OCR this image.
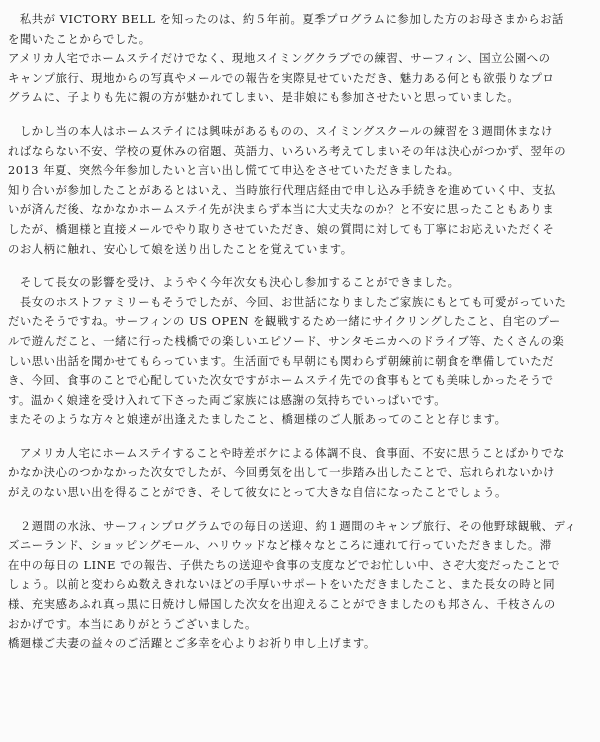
　私共が VICTORY BELL を知ったのは、約５年前。夏季プログラムに参加した方のお母さまからお話
を聞いたことからでした。
アメリカ人宅でホームステイだけでなく、現地スイミングクラブでの練習、サーフィン、国立公園への
キャンプ旅行、現地からの写真やメールでの報告を実際見せていただき、魅力ある何とも欲張りなプロ
グラムに、子よりも先に親の方が魅かれてしまい、是非娘にも参加させたいと思っていました。
　しかし当の本人はホームステイには興味があるものの、スイミングスクールの練習を３週間休まなけ
ればならない不安、学校の夏休みの宿題、英語力、いろいろ考えてしまいその年は決心がつかず、翌年の
2013 年夏、突然今年参加したいと言い出し慌てて申込をさせていただきましたね。
知り合いが参加したことがあるとはいえ、当時旅行代理店経由で申し込み手続きを進めていく中、支払
いが済んだ後、なかなかホームステイ先が決まらず本当に大丈夫なのか？と不安に思ったこともありま
したが、橋廻様と直接メールでやり取りさせていただき、娘の質問に対しても丁寧にお応えいただくそ
のお人柄に触れ、安心して娘を送り出したことを覚えています。
　そして長女の影響を受け、ようやく今年次女も決心し参加することができました。
　長女のホストファミリーもそうでしたが、今回、お世話になりましたご家族にもとても可愛がっていた
だいたそうですね。サーフィンの US OPEN を観戦するため一緒にサイクリングしたこと、自宅のプー
ルで遊んだこと、一緒に行った桟橋での楽しいエピソード、サンタモニカへのドライブ等、たくさんの楽
しい思い出話を聞かせてもらっています。生活面でも早朝にも関わらず朝練前に朝食を準備していただ
き、今回、食事のことで心配していた次女ですがホームステイ先での食事もとても美味しかったそうで
す。温かく娘達を受け入れて下さった両ご家族には感謝の気持ちでいっぱいです。
またそのような方々と娘達が出逢えたましたこと、橋廻様のご人脈あってのことと存じます。
　アメリカ人宅にホームステイすることや時差ボケによる体調不良、食事面、不安に思うことばかりでな
かなか決心のつかなかった次女でしたが、今回勇気を出して一歩踏み出したことで、忘れられないかけ
がえのない思い出を得ることができ、そして彼女にとって大きな自信になったことでしょう。
　２週間の水泳、サーフィンプログラムでの毎日の送迎、約１週間のキャンプ旅行、その他野球観戦、ディ
ズニーランド、ショッピングモール、ハリウッドなど様々なところに連れて行っていただきました。滞
在中の毎日の LINE での報告、子供たちの送迎や食事の支度などでお忙しい中、さぞ大変だったことで
しょう。以前と変わらぬ数えきれないほどの手厚いサポートをいただきましたこと、また長女の時と同
様、充実感あふれ真っ黒に日焼けし帰国した次女を出迎えることができましたのも邦さん、千枝さんの
おかげです。本当にありがとうございました。
橋廻様ご夫妻の益々のご活躍とご多幸を心よりお祈り申し上げます。
